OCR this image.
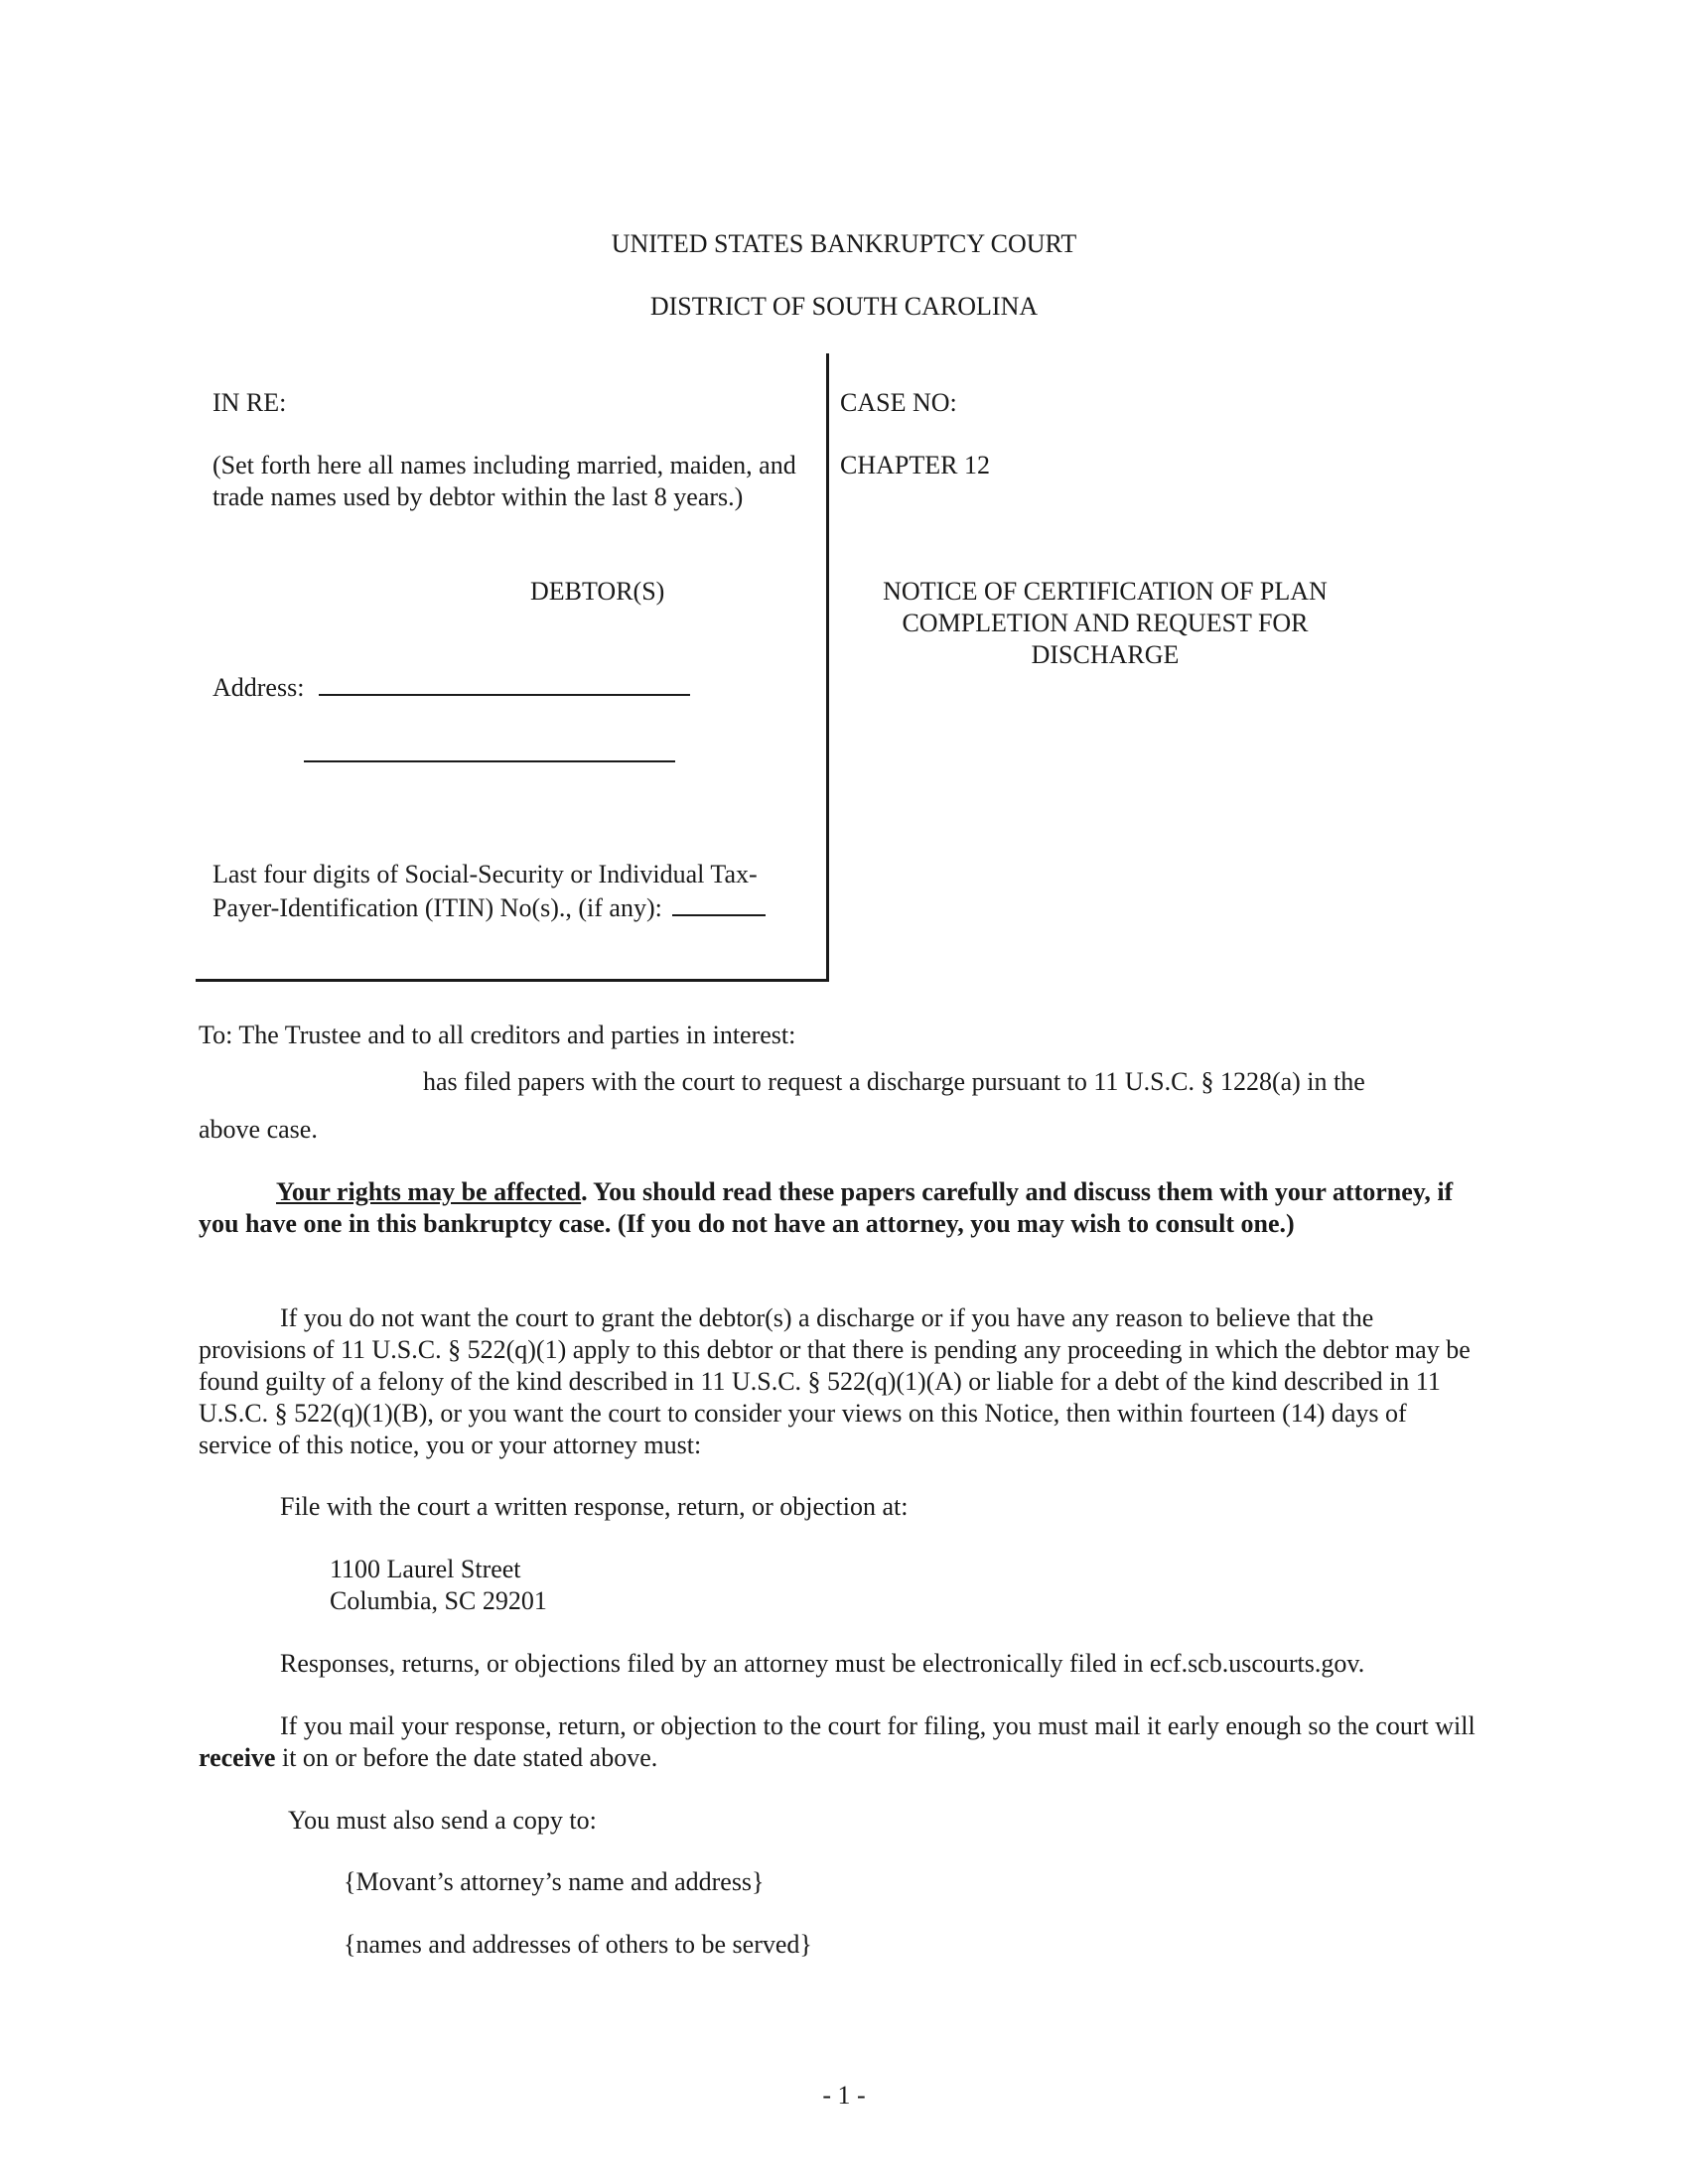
UNITED STATES BANKRUPTCY COURT
DISTRICT OF SOUTH CAROLINA
IN RE:
(Set forth here all names including married, maiden, and trade names used by debtor within the last 8 years.)
DEBTOR(S)
Address:
Last four digits of Social-Security or Individual Tax-Payer-Identification (ITIN) No(s)., (if any):
CASE NO:
CHAPTER 12
NOTICE OF CERTIFICATION OF PLAN COMPLETION AND REQUEST FOR DISCHARGE
To: The Trustee and to all creditors and parties in interest:
has filed papers with the court to request a discharge pursuant to 11 U.S.C. § 1228(a) in the
above case.
Your rights may be affected. You should read these papers carefully and discuss them with your attorney, if you have one in this bankruptcy case. (If you do not have an attorney, you may wish to consult one.)
If you do not want the court to grant the debtor(s) a discharge or if you have any reason to believe that the provisions of 11 U.S.C. § 522(q)(1) apply to this debtor or that there is pending any proceeding in which the debtor may be found guilty of a felony of the kind described in 11 U.S.C. § 522(q)(1)(A) or liable for a debt of the kind described in 11 U.S.C. § 522(q)(1)(B), or you want the court to consider your views on this Notice, then within fourteen (14) days of service of this notice, you or your attorney must:
File with the court a written response, return, or objection at:
1100 Laurel Street
Columbia, SC 29201
Responses, returns, or objections filed by an attorney must be electronically filed in ecf.scb.uscourts.gov.
If you mail your response, return, or objection to the court for filing, you must mail it early enough so the court will receive it on or before the date stated above.
You must also send a copy to:
{Movant’s attorney’s name and address}
{names and addresses of others to be served}
- 1 -
